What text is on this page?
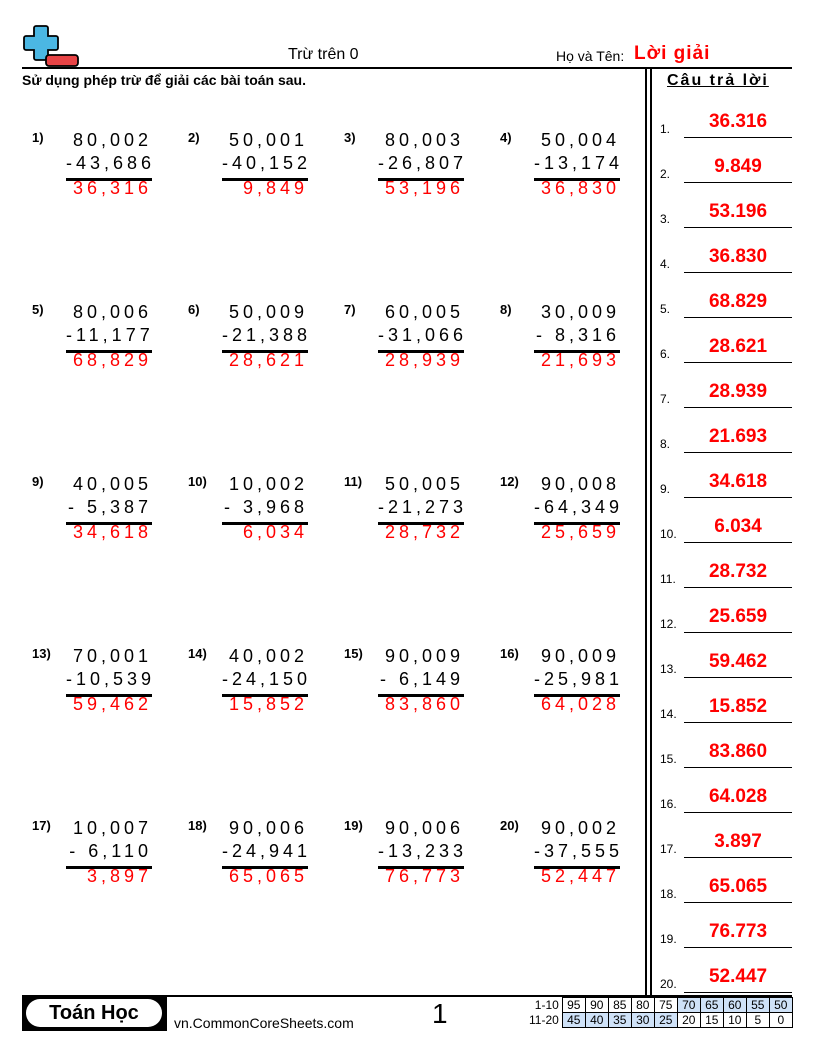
Trừ trên 0	Họ và Tên: Lời giải
Sử dụng phép trừ để giải các bài toán sau.	Câu trả lời
1)	80,002
-43,686
36,316
2)	50,001
-40,152
9,849
3)	80,003
-26,807
53,196
4)	50,004
-13,174
36,830
5)	80,006
-11,177
68,829
6)	50,009
-21,388
28,621
7)	60,005
-31,066
28,939
8)	30,009
- 8,316
21,693
9)	40,005
- 5,387
34,618
10)	10,002
- 3,968
6,034
11)	50,005
-21,273
28,732
12)	90,008
-64,349
25,659
13)	70,001
-10,539
59,462
14)	40,002
-24,150
15,852
15)	90,009
- 6,149
83,860
16)	90,009
-25,981
64,028
17)	10,007
- 6,110
3,897
18)	90,006
-24,941
65,065
19)	90,006
-13,233
76,773
20)	90,002
-37,555
52,447
1.	36.316
2.	9.849
3.	53.196
4.	36.830
5.	68.829
6.	28.621
7.	28.939
8.	21.693
9.	34.618
10.	6.034
11.	28.732
12.	25.659
13.	59.462
14.	15.852
15.	83.860
16.	64.028
17.	3.897
18.	65.065
19.	76.773
20.	52.447
Toán Học	vn.CommonCoreSheets.com	1	1-10	95	90	85	80	75	70	65	60	55	50
11-20	45	40	35	30	25	20	15	10	5	0
